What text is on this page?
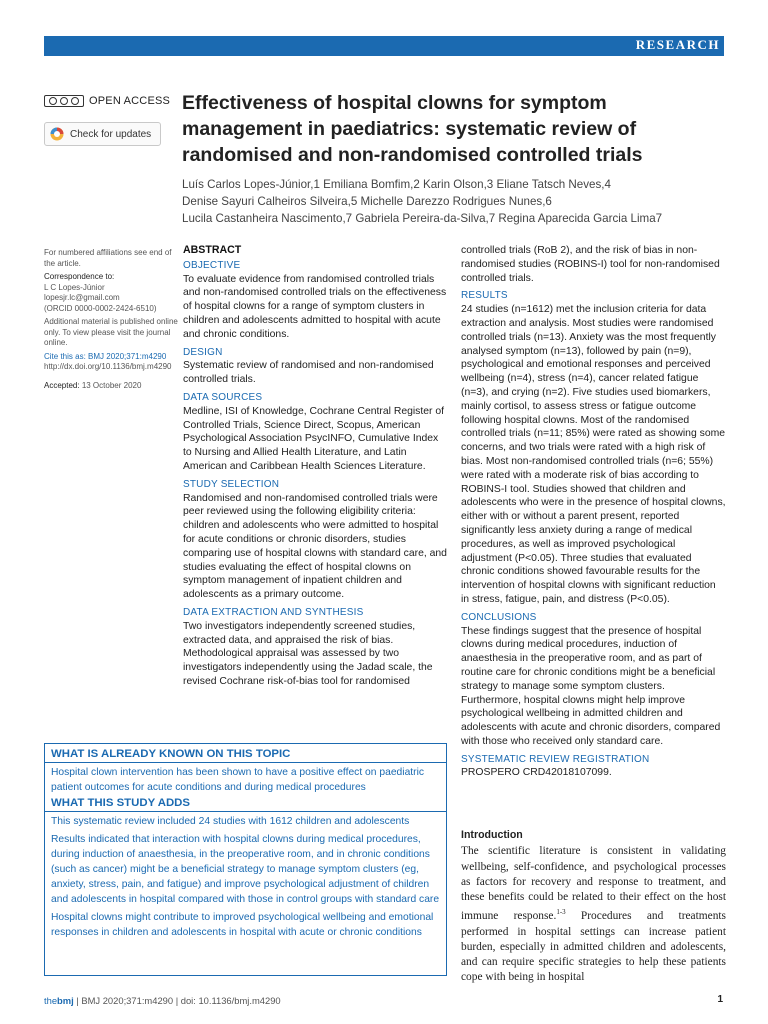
RESEARCH
OPEN ACCESS
Check for updates
Effectiveness of hospital clowns for symptom management in paediatrics: systematic review of randomised and non-randomised controlled trials
Luís Carlos Lopes-Júnior,1 Emiliana Bomfim,2 Karin Olson,3 Eliane Tatsch Neves,4
Denise Sayuri Calheiros Silveira,5 Michelle Darezzo Rodrigues Nunes,6
Lucila Castanheira Nascimento,7 Gabriela Pereira-da-Silva,7 Regina Aparecida Garcia Lima7

For numbered affiliations see end of the article.

Correspondence to:

L C Lopes-Júnior

lopesjr.lc@gmail.com

(ORCID 0000-0002-2424-6510)

Additional material is published online only. To view please visit the journal online.

Cite this as: BMJ 2020;371:m4290

http://dx.doi.org/10.1136/bmj.m4290

Accepted: 13 October 2020

ABSTRACT
OBJECTIVE

To evaluate evidence from randomised controlled trials and non-randomised controlled trials on the effectiveness of hospital clowns for a range of symptom clusters in children and adolescents admitted to hospital with acute and chronic conditions.

DESIGN

Systematic review of randomised and non-randomised controlled trials.

DATA SOURCES

Medline, ISI of Knowledge, Cochrane Central Register of Controlled Trials, Science Direct, Scopus, American Psychological Association PsycINFO, Cumulative Index to Nursing and Allied Health Literature, and Latin American and Caribbean Health Sciences Literature.

STUDY SELECTION

Randomised and non-randomised controlled trials were peer reviewed using the following eligibility criteria: children and adolescents who were admitted to hospital for acute conditions or chronic disorders, studies comparing use of hospital clowns with standard care, and studies evaluating the effect of hospital clowns on symptom management of inpatient children and adolescents as a primary outcome.

DATA EXTRACTION AND SYNTHESIS

Two investigators independently screened studies, extracted data, and appraised the risk of bias. Methodological appraisal was assessed by two investigators independently using the Jadad scale, the revised Cochrane risk-of-bias tool for randomised

controlled trials (RoB 2), and the risk of bias in non-randomised studies (ROBINS-I) tool for non-randomised controlled trials.

RESULTS

24 studies (n=1612) met the inclusion criteria for data extraction and analysis. Most studies were randomised controlled trials (n=13). Anxiety was the most frequently analysed symptom (n=13), followed by pain (n=9), psychological and emotional responses and perceived wellbeing (n=4), stress (n=4), cancer related fatigue (n=3), and crying (n=2). Five studies used biomarkers, mainly cortisol, to assess stress or fatigue outcome following hospital clowns. Most of the randomised controlled trials (n=11; 85%) were rated as showing some concerns, and two trials were rated with a high risk of bias. Most non-randomised controlled trials (n=6; 55%) were rated with a moderate risk of bias according to ROBINS-I tool. Studies showed that children and adolescents who were in the presence of hospital clowns, either with or without a parent present, reported significantly less anxiety during a range of medical procedures, as well as improved psychological adjustment (P<0.05). Three studies that evaluated chronic conditions showed favourable results for the intervention of hospital clowns with significant reduction in stress, fatigue, pain, and distress (P<0.05).

CONCLUSIONS

These findings suggest that the presence of hospital clowns during medical procedures, induction of anaesthesia in the preoperative room, and as part of routine care for chronic conditions might be a beneficial strategy to manage some symptom clusters. Furthermore, hospital clowns might help improve psychological wellbeing in admitted children and adolescents with acute and chronic disorders, compared with those who received only standard care.

SYSTEMATIC REVIEW REGISTRATION

PROSPERO CRD42018107099.

WHAT IS ALREADY KNOWN ON THIS TOPIC

Hospital clown intervention has been shown to have a positive effect on paediatric patient outcomes for acute conditions and during medical procedures

WHAT THIS STUDY ADDS

This systematic review included 24 studies with 1612 children and adolescents

Results indicated that interaction with hospital clowns during medical procedures, during induction of anaesthesia, in the preoperative room, and in chronic conditions (such as cancer) might be a beneficial strategy to manage symptom clusters (eg, anxiety, stress, pain, and fatigue) and improve psychological adjustment of children and adolescents in hospital compared with those in control groups with standard care

Hospital clowns might contribute to improved psychological wellbeing and emotional responses in children and adolescents in hospital with acute or chronic conditions

Introduction

The scientific literature is consistent in validating wellbeing, self-confidence, and psychological processes as factors for recovery and response to treatment, and these benefits could be related to their effect on the host immune response.$^{1-3}$ Procedures and treatments performed in hospital settings can increase patient burden, especially in admitted children and adolescents, and can require specific strategies to help these patients cope with being in hospital

thebmj | BMJ 2020;371:m4290 | doi: 10.1136/bmj.m4290	1
